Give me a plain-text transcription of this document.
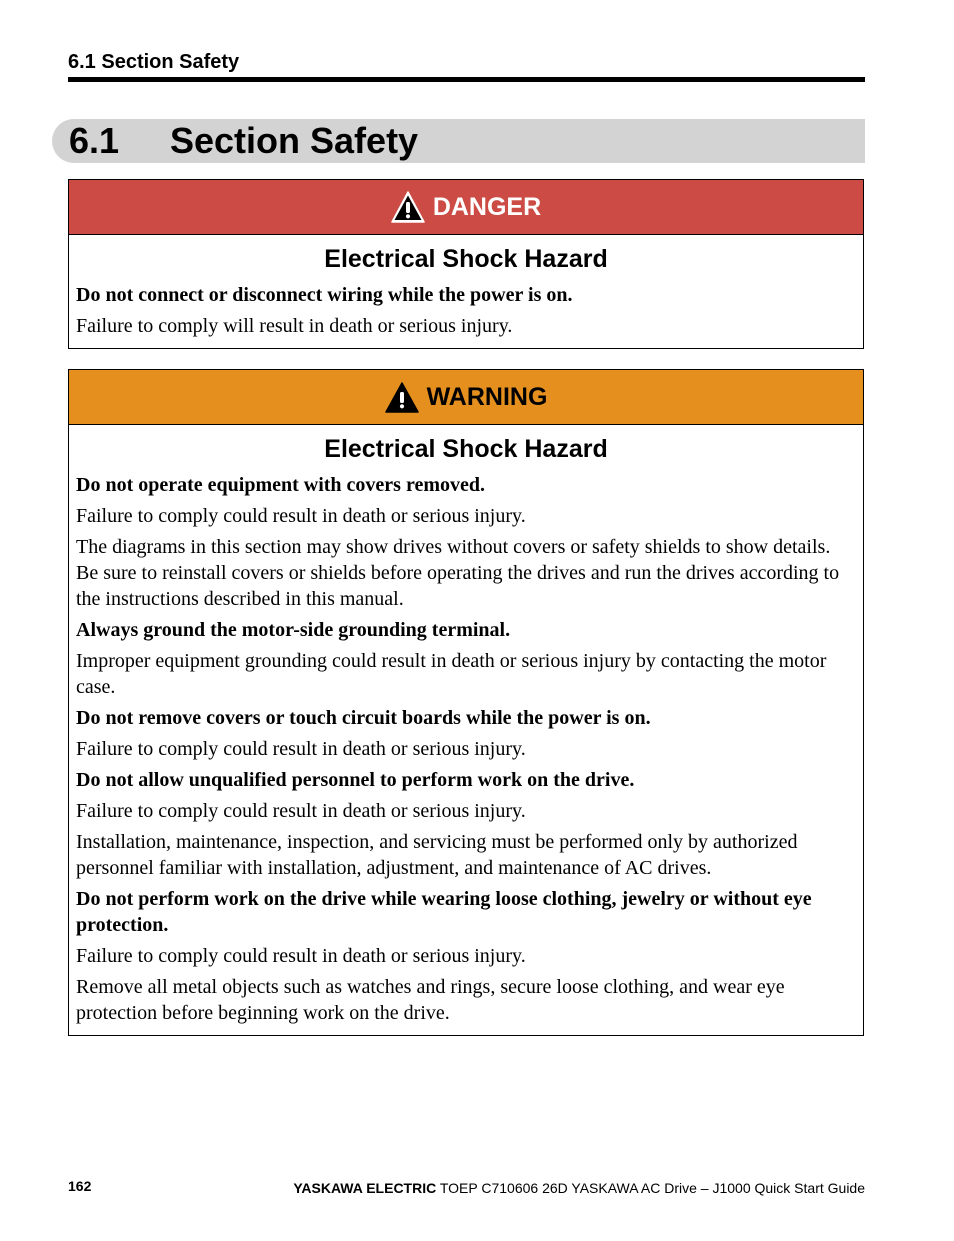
6.1 Section Safety
6.1 Section Safety
DANGER
Electrical Shock Hazard

Do not connect or disconnect wiring while the power is on.

Failure to comply will result in death or serious injury.

WARNING
Electrical Shock Hazard

Do not operate equipment with covers removed.

Failure to comply could result in death or serious injury.

The diagrams in this section may show drives without covers or safety shields to show details. Be sure to reinstall covers or shields before operating the drives and run the drives according to the instructions described in this manual.

Always ground the motor-side grounding terminal.

Improper equipment grounding could result in death or serious injury by contacting the motor case.

Do not remove covers or touch circuit boards while the power is on.

Failure to comply could result in death or serious injury.

Do not allow unqualified personnel to perform work on the drive.

Failure to comply could result in death or serious injury.

Installation, maintenance, inspection, and servicing must be performed only by authorized personnel familiar with installation, adjustment, and maintenance of AC drives.

Do not perform work on the drive while wearing loose clothing, jewelry or without eye protection.

Failure to comply could result in death or serious injury.

Remove all metal objects such as watches and rings, secure loose clothing, and wear eye protection before beginning work on the drive.

162	YASKAWA ELECTRIC TOEP C710606 26D YASKAWA AC Drive – J1000 Quick Start Guide
